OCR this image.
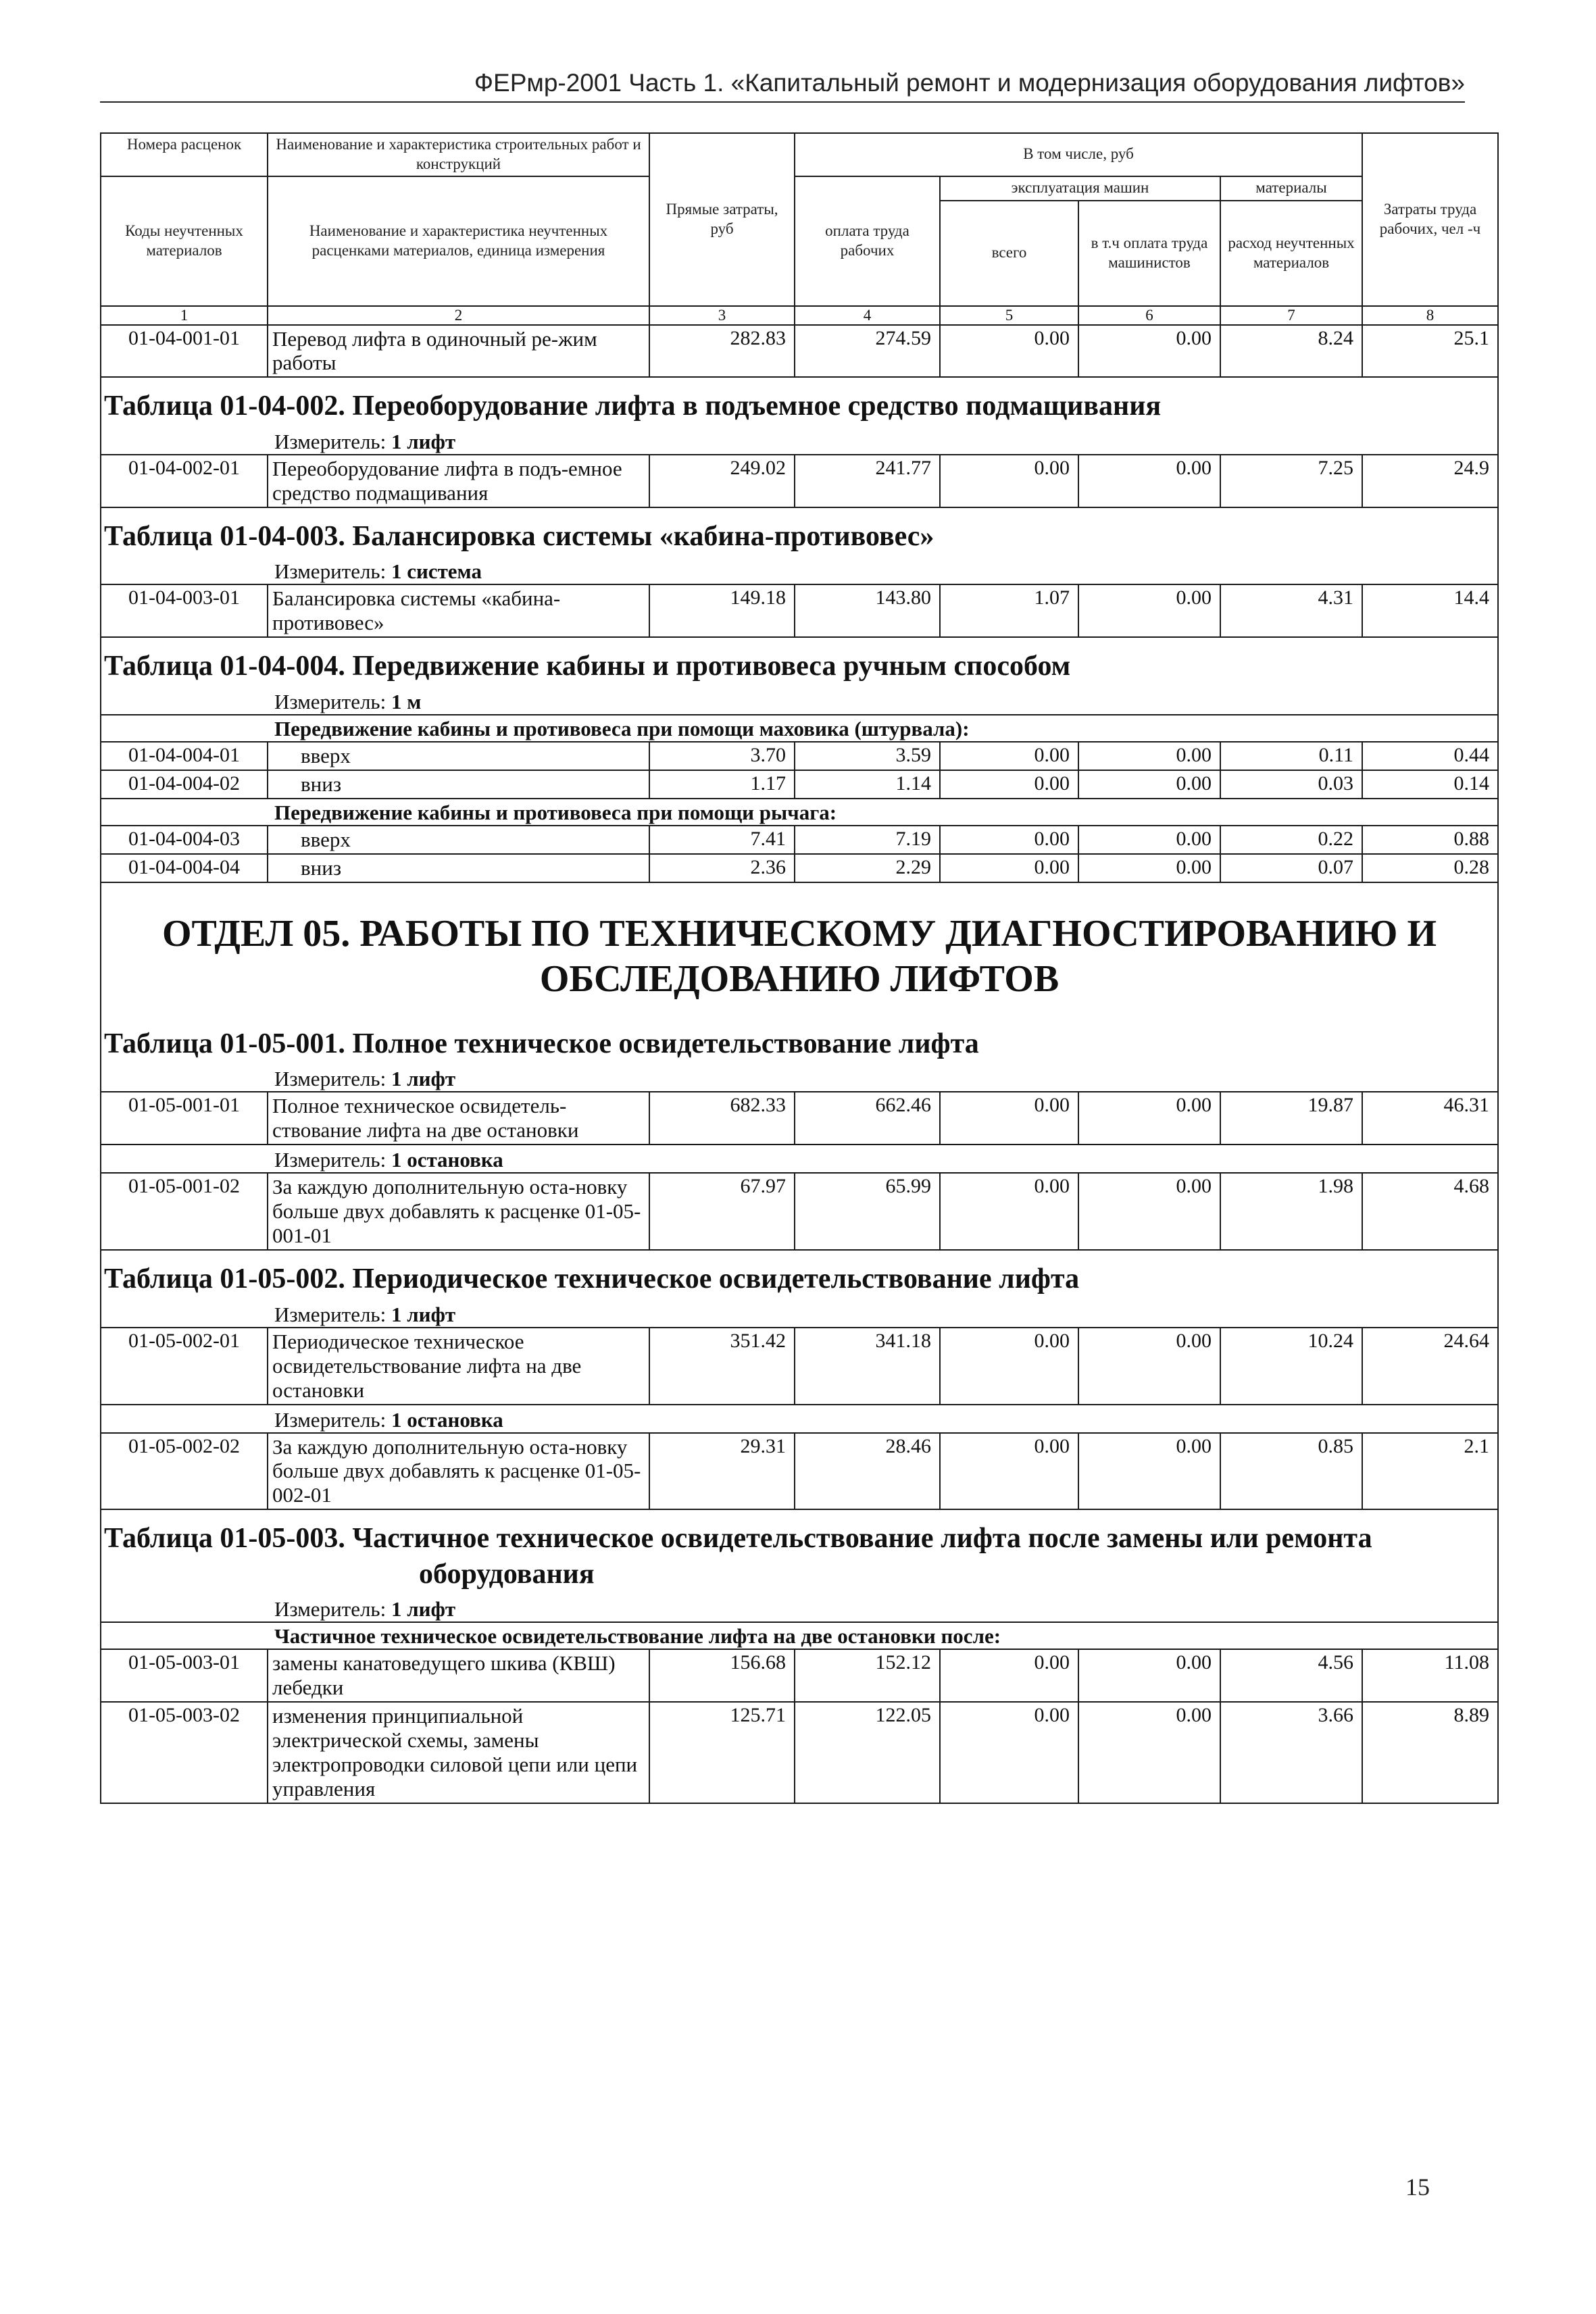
ФЕРмр-2001 Часть 1. «Капитальный ремонт и модернизация оборудования лифтов»
Номера расценок	Наименование и характеристика строительных работ и конструкций	Прямые затраты, руб	В том числе, руб				Затраты труда рабочих, чел -ч
Коды неучтенных материалов	Наименование и характеристика неучтенных расценками материалов, единица измерения		оплата труда рабочих	эксплуатация машин		материалы	
				всего	в т.ч оплата труда машинистов	расход неучтенных материалов	
1	2	3	4	5	6	7	8
01-04-001-01	Перевод лифта в одиночный ре-жим работы	282.83	274.59	0.00	0.00	8.24	25.1

Таблица 01-04-002. Переоборудование лифта в подъемное средство подмащивания							

Измеритель: 1 лифт							
01-04-002-01	Переоборудование лифта в подъ-емное средство подмащивания	249.02	241.77	0.00	0.00	7.25	24.9

Таблица 01-04-003. Балансировка системы «кабина-противовес»							

Измеритель: 1 система							
01-04-003-01	Балансировка системы «кабина-противовес»	149.18	143.80	1.07	0.00	4.31	14.4

Таблица 01-04-004. Передвижение кабины и противовеса ручным способом							

Измеритель: 1 м							
Передвижение кабины и противовеса при помощи маховика (штурвала):							
01-04-004-01	вверх	3.70	3.59	0.00	0.00	0.11	0.44
01-04-004-02	вниз	1.17	1.14	0.00	0.00	0.03	0.14
Передвижение кабины и противовеса при помощи рычага:							
01-04-004-03	вверх	7.41	7.19	0.00	0.00	0.22	0.88
01-04-004-04	вниз	2.36	2.29	0.00	0.00	0.07	0.28
ОТДЕЛ 05. РАБОТЫ ПО ТЕХНИЧЕСКОМУ ДИАГНОСТИРОВАНИЮ И ОБСЛЕДОВАНИЮ ЛИФТОВ							

Таблица 01-05-001. Полное техническое освидетельствование лифта							

Измеритель: 1 лифт							
01-05-001-01	Полное техническое освидетель-ствование лифта на две остановки	682.33	662.46	0.00	0.00	19.87	46.31
Измеритель: 1 остановка							
01-05-001-02	За каждую дополнительную оста-новку больше двух добавлять к расценке 01-05-001-01	67.97	65.99	0.00	0.00	1.98	4.68

Таблица 01-05-002. Периодическое техническое освидетельствование лифта							

Измеритель: 1 лифт							
01-05-002-01	Периодическое техническое освидетельствование лифта на две остановки	351.42	341.18	0.00	0.00	10.24	24.64
Измеритель: 1 остановка							
01-05-002-02	За каждую дополнительную оста-новку больше двух добавлять к расценке 01-05-002-01	29.31	28.46	0.00	0.00	0.85	2.1

Таблица 01-05-003. Частичное техническое освидетельствование лифта после замены или ремонта оборудования							

Измеритель: 1 лифт							
Частичное техническое освидетельствование лифта на две остановки после:							
01-05-003-01	замены канатоведущего шкива (КВШ) лебедки	156.68	152.12	0.00	0.00	4.56	11.08
01-05-003-02	изменения принципиальной электрической схемы, замены электропроводки силовой цепи или цепи управления	125.71	122.05	0.00	0.00	3.66	8.89
15
